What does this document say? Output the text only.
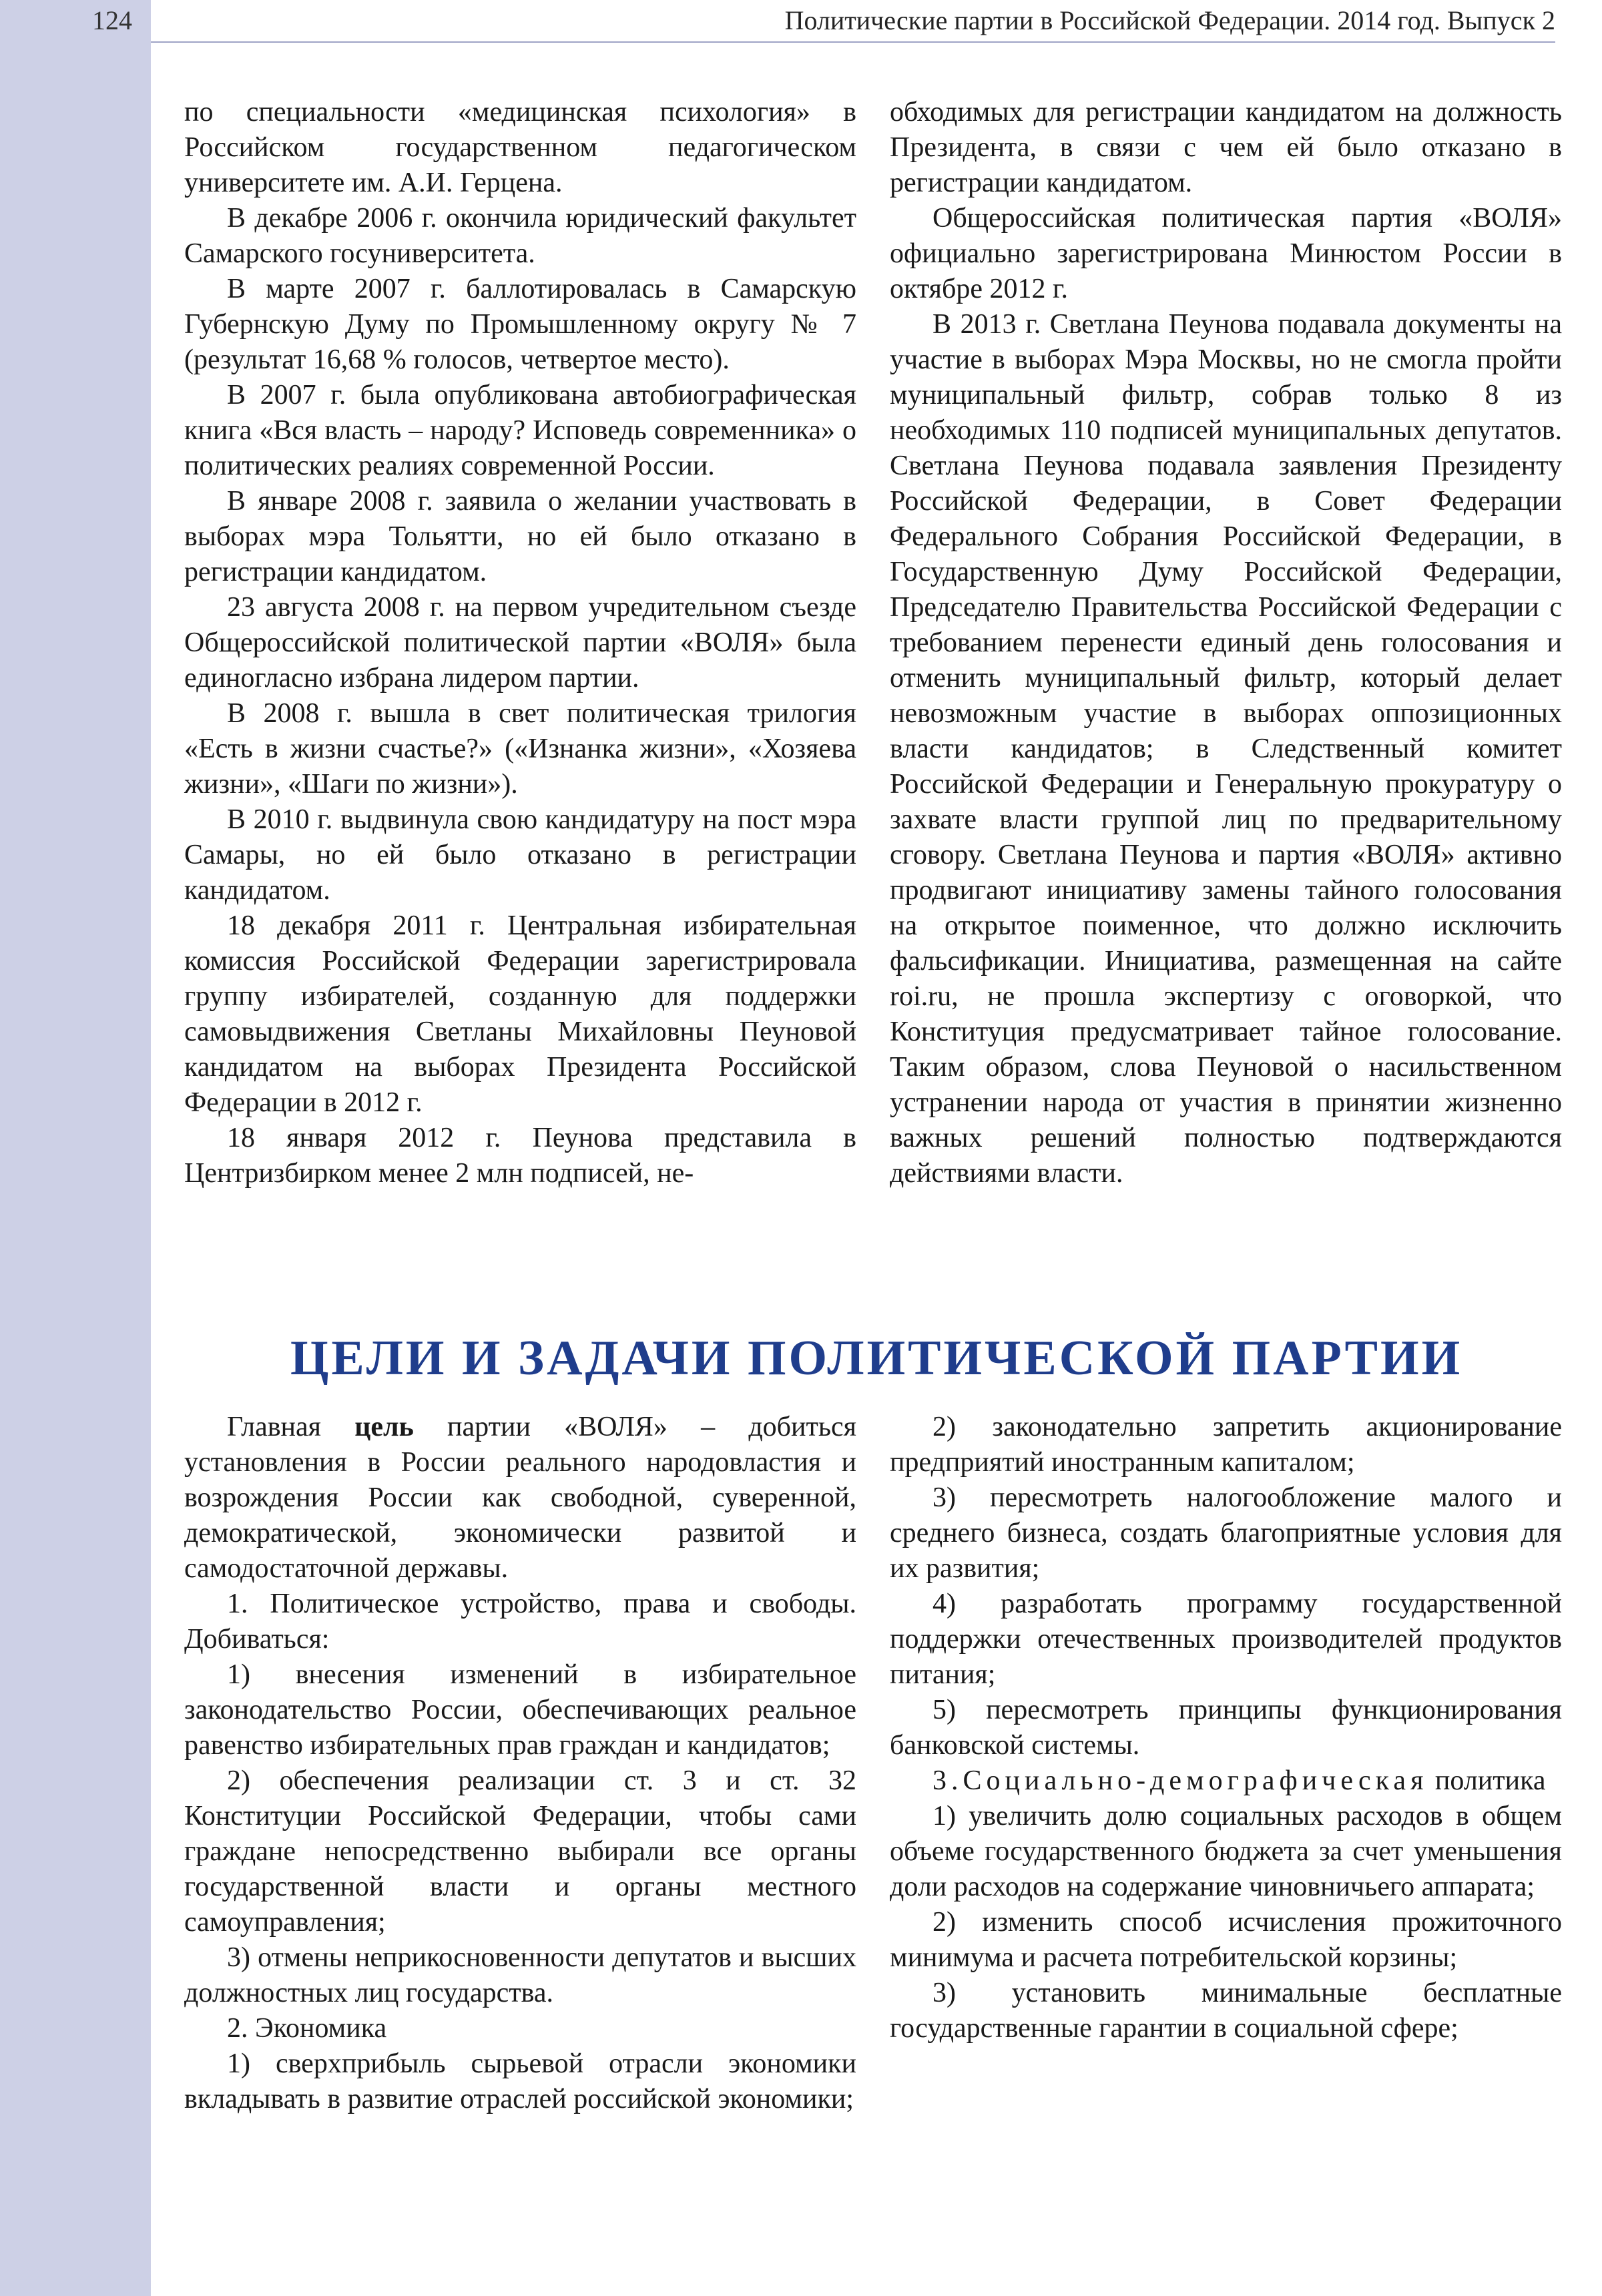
124	Политические партии в Российской Федерации. 2014 год. Выпуск 2

по специальности «медицинская психология» в Российском государственном педагогическом университете им. А.И. Герцена.

В декабре 2006 г. окончила юридический факультет Самарского госуниверситета.

В марте 2007 г. баллотировалась в Самарскую Губернскую Думу по Промышленному округу № 7 (результат 16,68 % голосов, четвертое место).

В 2007 г. была опубликована автобиографическая книга «Вся власть – народу? Исповедь современника» о политических реалиях современной России.

В январе 2008 г. заявила о желании участвовать в выборах мэра Тольятти, но ей было отказано в регистрации кандидатом.

23 августа 2008 г. на первом учредительном съезде Общероссийской политической партии «ВОЛЯ» была единогласно избрана лидером партии.

В 2008 г. вышла в свет политическая трилогия «Есть в жизни счастье?» («Изнанка жизни», «Хозяева жизни», «Шаги по жизни»).

В 2010 г. выдвинула свою кандидатуру на пост мэра Самары, но ей было отказано в регистрации кандидатом.

18 декабря 2011 г. Центральная избирательная комиссия Российской Федерации зарегистрировала группу избирателей, созданную для поддержки самовыдвижения Светланы Михайловны Пеуновой кандидатом на выборах Президента Российской Федерации в 2012 г.

18 января 2012 г. Пеунова представила в Центризбирком менее 2 млн подписей, не-

обходимых для регистрации кандидатом на должность Президента, в связи с чем ей было отказано в регистрации кандидатом.

Общероссийская политическая партия «ВОЛЯ» официально зарегистрирована Минюстом России в октябре 2012 г.

В 2013 г. Светлана Пеунова подавала документы на участие в выборах Мэра Москвы, но не смогла пройти муниципальный фильтр, собрав только 8 из необходимых 110 подписей муниципальных депутатов. Светлана Пеунова подавала заявления Президенту Российской Федерации, в Совет Федерации Федерального Собрания Российской Федерации, в Государственную Думу Российской Федерации, Председателю Правительства Российской Федерации с требованием перенести единый день голосования и отменить муниципальный фильтр, который делает невозможным участие в выборах оппозиционных власти кандидатов; в Следственный комитет Российской Федерации и Генеральную прокуратуру о захвате власти группой лиц по предварительному сговору. Светлана Пеунова и партия «ВОЛЯ» активно продвигают инициативу замены тайного голосования на открытое поименное, что должно исключить фальсификации. Инициатива, размещенная на сайте roi.ru, не прошла экспертизу с оговоркой, что Конституция предусматривает тайное голосование. Таким образом, слова Пеуновой о насильственном устранении народа от участия в принятии жизненно важных решений полностью подтверждаются действиями власти.

ЦЕЛИ И ЗАДАЧИ ПОЛИТИЧЕСКОЙ ПАРТИИ

Главная цель партии «ВОЛЯ» – добиться установления в России реального народовластия и возрождения России как свободной, суверенной, демократической, экономически развитой и самодостаточной державы.

1. Политическое устройство, права и свободы. Добиваться:

1) внесения изменений в избирательное законодательство России, обеспечивающих реальное равенство избирательных прав граждан и кандидатов;

2) обеспечения реализации ст. 3 и ст. 32 Конституции Российской Федерации, чтобы сами граждане непосредственно выбирали все органы государственной власти и органы местного самоуправления;

3) отмены неприкосновенности депутатов и высших должностных лиц государства.

2. Экономика

1) сверхприбыль сырьевой отрасли экономики вкладывать в развитие отраслей российской экономики;

2) законодательно запретить акционирование предприятий иностранным капиталом;

3) пересмотреть налогообложение малого и среднего бизнеса, создать благоприятные условия для их развития;

4) разработать программу государственной поддержки отечественных производителей продуктов питания;

5) пересмотреть принципы функционирования банковской системы.

3.Социально-демографическая политика

1) увеличить долю социальных расходов в общем объеме государственного бюджета за счет уменьшения доли расходов на содержание чиновничьего аппарата;

2) изменить способ исчисления прожиточного минимума и расчета потребительской корзины;

3) установить минимальные бесплатные государственные гарантии в социальной сфере;
